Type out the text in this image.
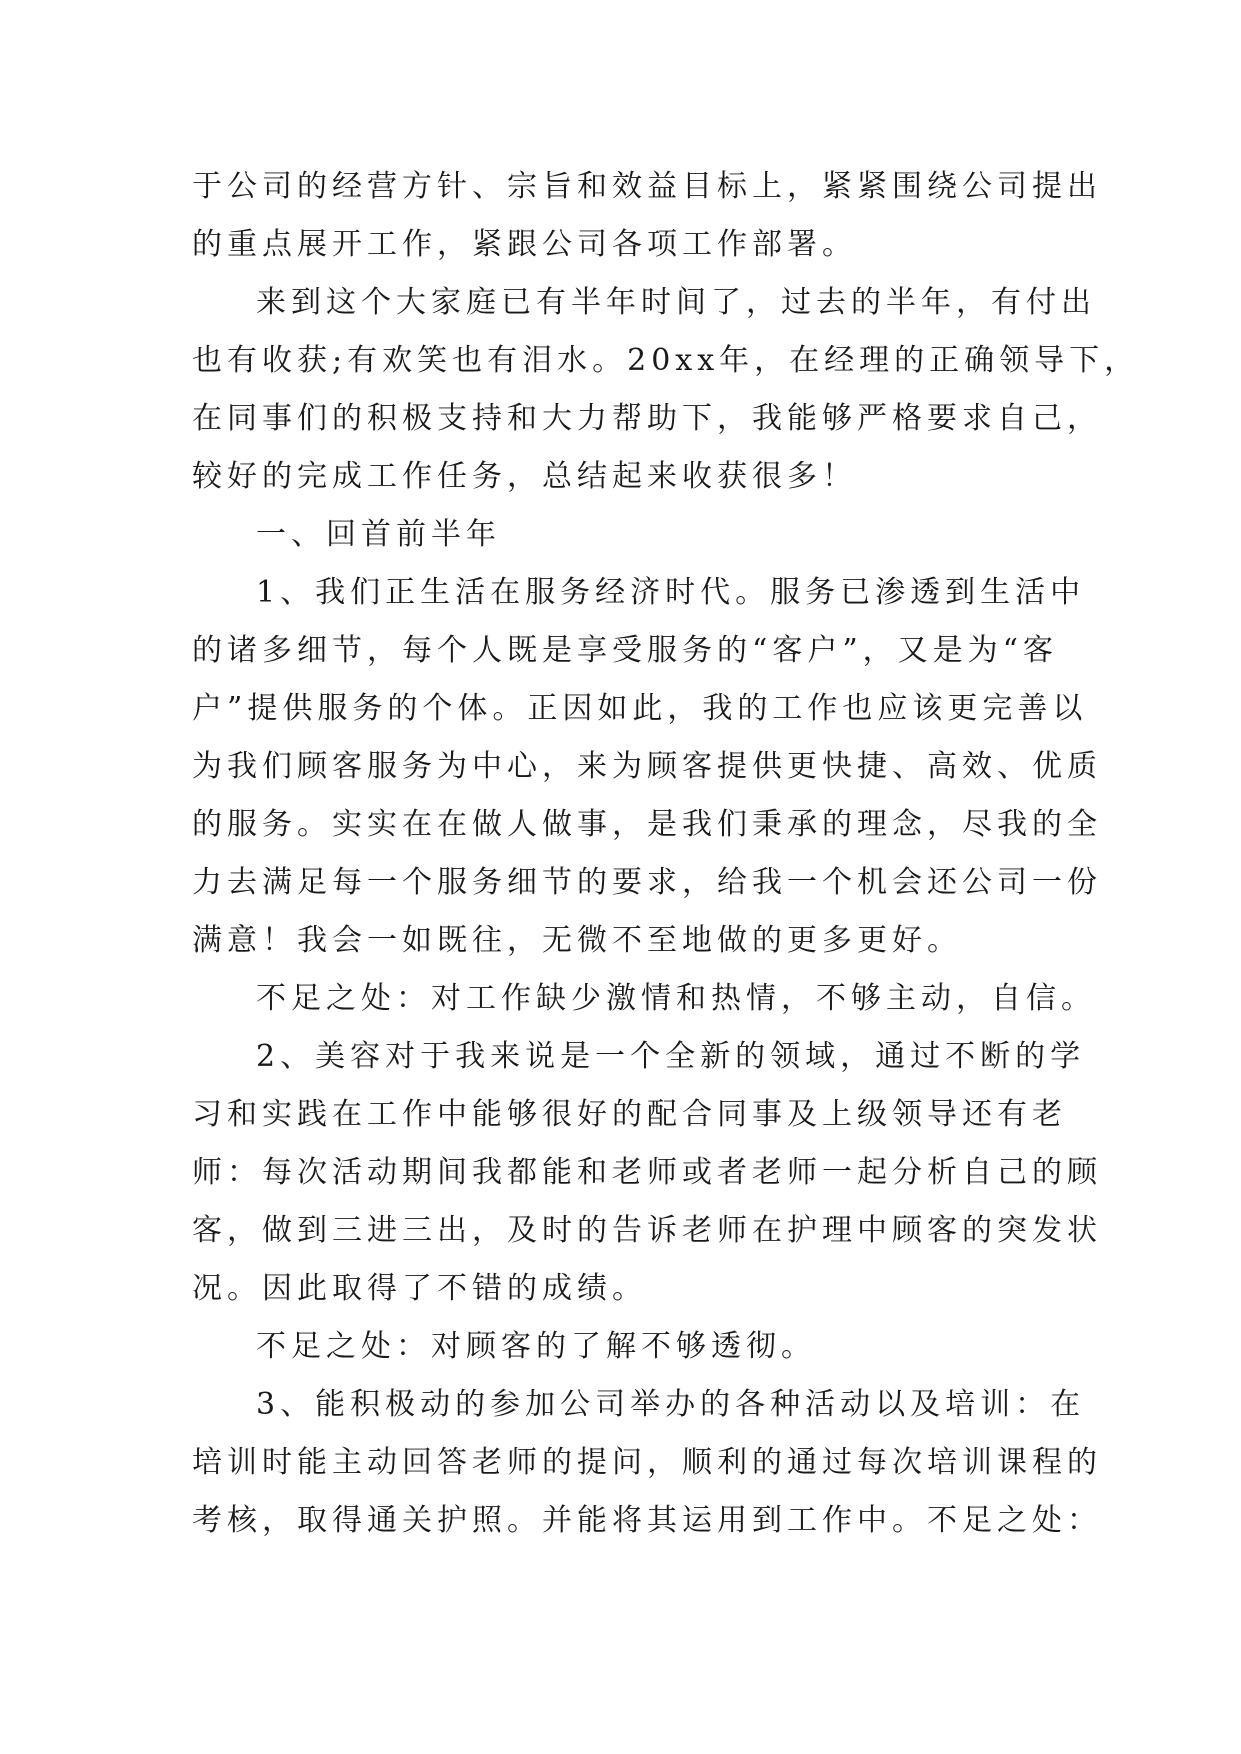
于公司的经营方针、宗旨和效益目标上，紧紧围绕公司提出
的重点展开工作，紧跟公司各项工作部署。
来到这个大家庭已有半年时间了，过去的半年，有付出
也有收获;有欢笑也有泪水。20xx年，在经理的正确领导下，
在同事们的积极支持和大力帮助下，我能够严格要求自己，
较好的完成工作任务，总结起来收获很多！
一、回首前半年
1、我们正生活在服务经济时代。服务已渗透到生活中
的诸多细节，每个人既是享受服务的“客户”，又是为“客
户”提供服务的个体。正因如此，我的工作也应该更完善以
为我们顾客服务为中心，来为顾客提供更快捷、高效、优质
的服务。实实在在做人做事，是我们秉承的理念，尽我的全
力去满足每一个服务细节的要求，给我一个机会还公司一份
满意！我会一如既往，无微不至地做的更多更好。
不足之处：对工作缺少激情和热情，不够主动，自信。
2、美容对于我来说是一个全新的领域，通过不断的学
习和实践在工作中能够很好的配合同事及上级领导还有老
师：每次活动期间我都能和老师或者老师一起分析自己的顾
客，做到三进三出，及时的告诉老师在护理中顾客的突发状
况。因此取得了不错的成绩。
不足之处：对顾客的了解不够透彻。
3、能积极动的参加公司举办的各种活动以及培训：在
培训时能主动回答老师的提问，顺利的通过每次培训课程的
考核，取得通关护照。并能将其运用到工作中。不足之处：
